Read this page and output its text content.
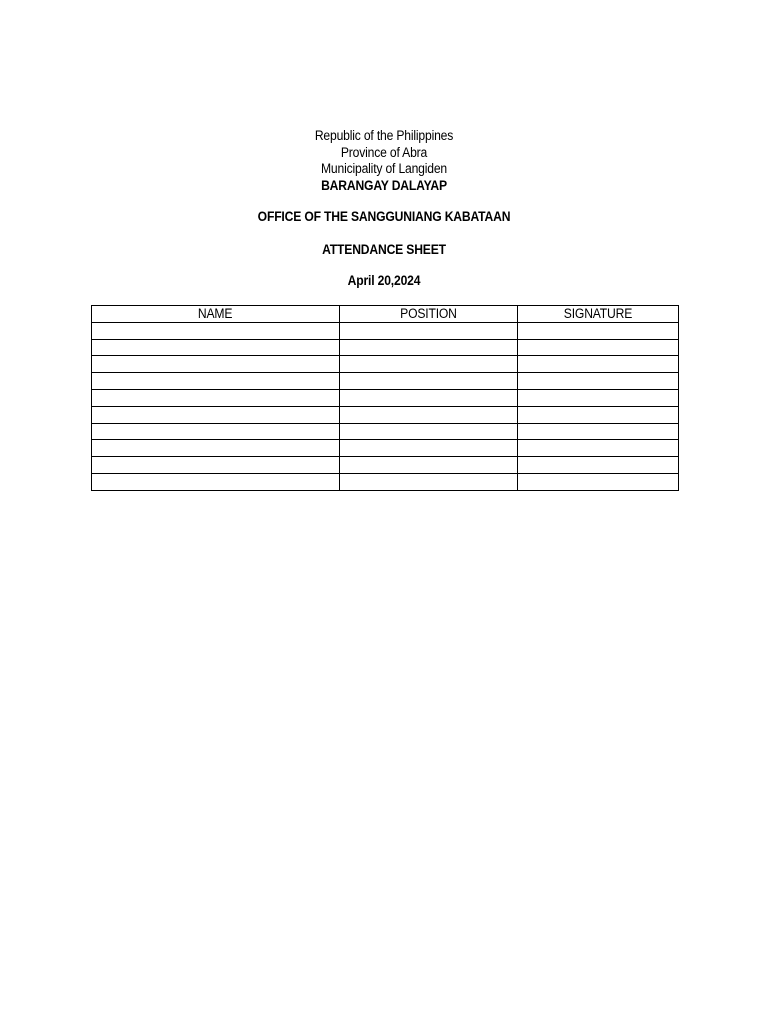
Republic of the Philippines
Province of Abra
Municipality of Langiden
BARANGAY DALAYAP
OFFICE OF THE SANGGUNIANG KABATAAN
ATTENDANCE SHEET
April 20,2024
NAME	POSITION	SIGNATURE
